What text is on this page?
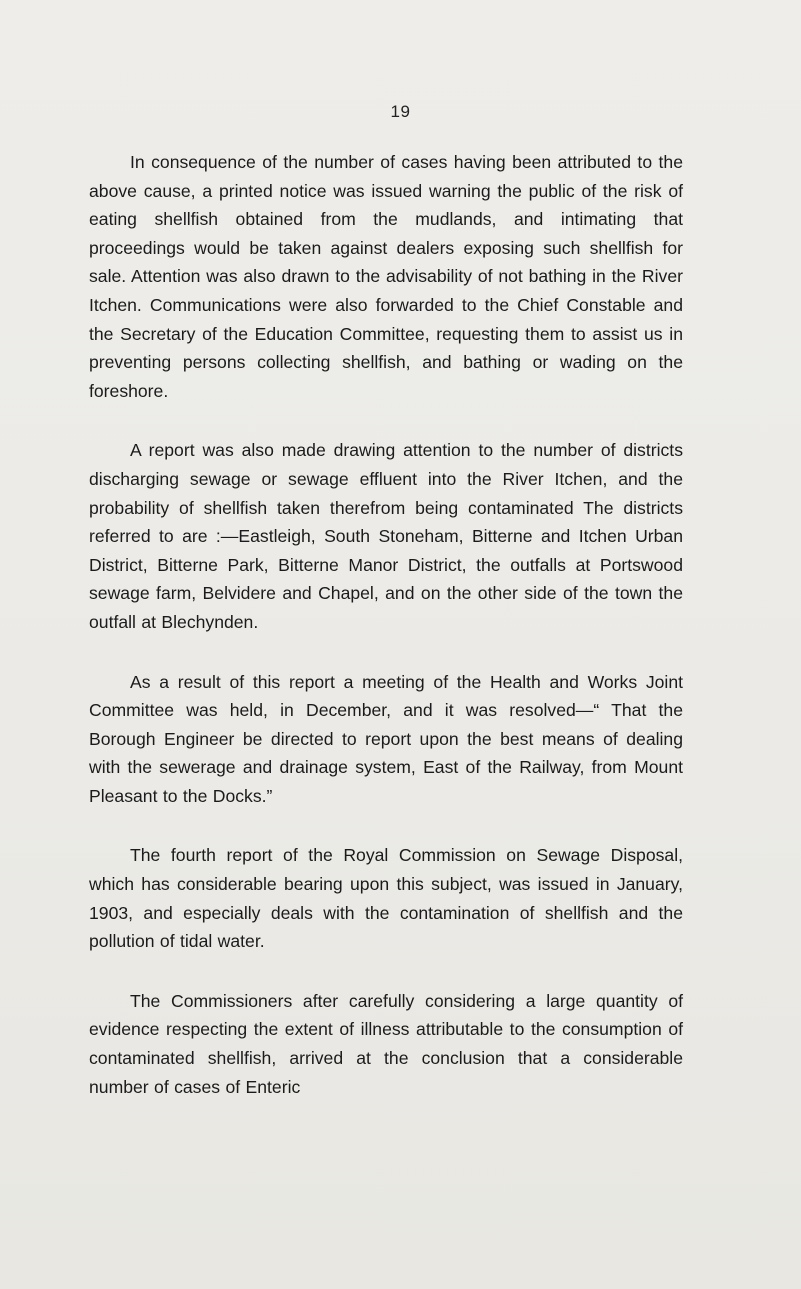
19

In consequence of the number of cases having been attributed to the above cause, a printed notice was issued warning the public of the risk of eating shellfish obtained from the mudlands, and intimating that proceedings would be taken against dealers exposing such shellfish for sale. Attention was also drawn to the advisability of not bathing in the River Itchen. Communications were also forwarded to the Chief Constable and the Secretary of the Education Committee, requesting them to assist us in preventing persons collecting shellfish, and bathing or wading on the foreshore.

A report was also made drawing attention to the number of districts discharging sewage or sewage effluent into the River Itchen, and the probability of shellfish taken therefrom being contaminated The districts referred to are :—Eastleigh, South Stoneham, Bitterne and Itchen Urban District, Bitterne Park, Bitterne Manor District, the outfalls at Portswood sewage farm, Belvidere and Chapel, and on the other side of the town the outfall at Blechynden.

As a result of this report a meeting of the Health and Works Joint Committee was held, in December, and it was resolved—“ That the Borough Engineer be directed to report upon the best means of dealing with the sewerage and drainage system, East of the Railway, from Mount Pleasant to the Docks.”

The fourth report of the Royal Commission on Sewage Disposal, which has considerable bearing upon this subject, was issued in January, 1903, and especially deals with the contamination of shellfish and the pollution of tidal water.

The Commissioners after carefully considering a large quantity of evidence respecting the extent of illness attributable to the consumption of contaminated shellfish, arrived at the conclusion that a considerable number of cases of Enteric
